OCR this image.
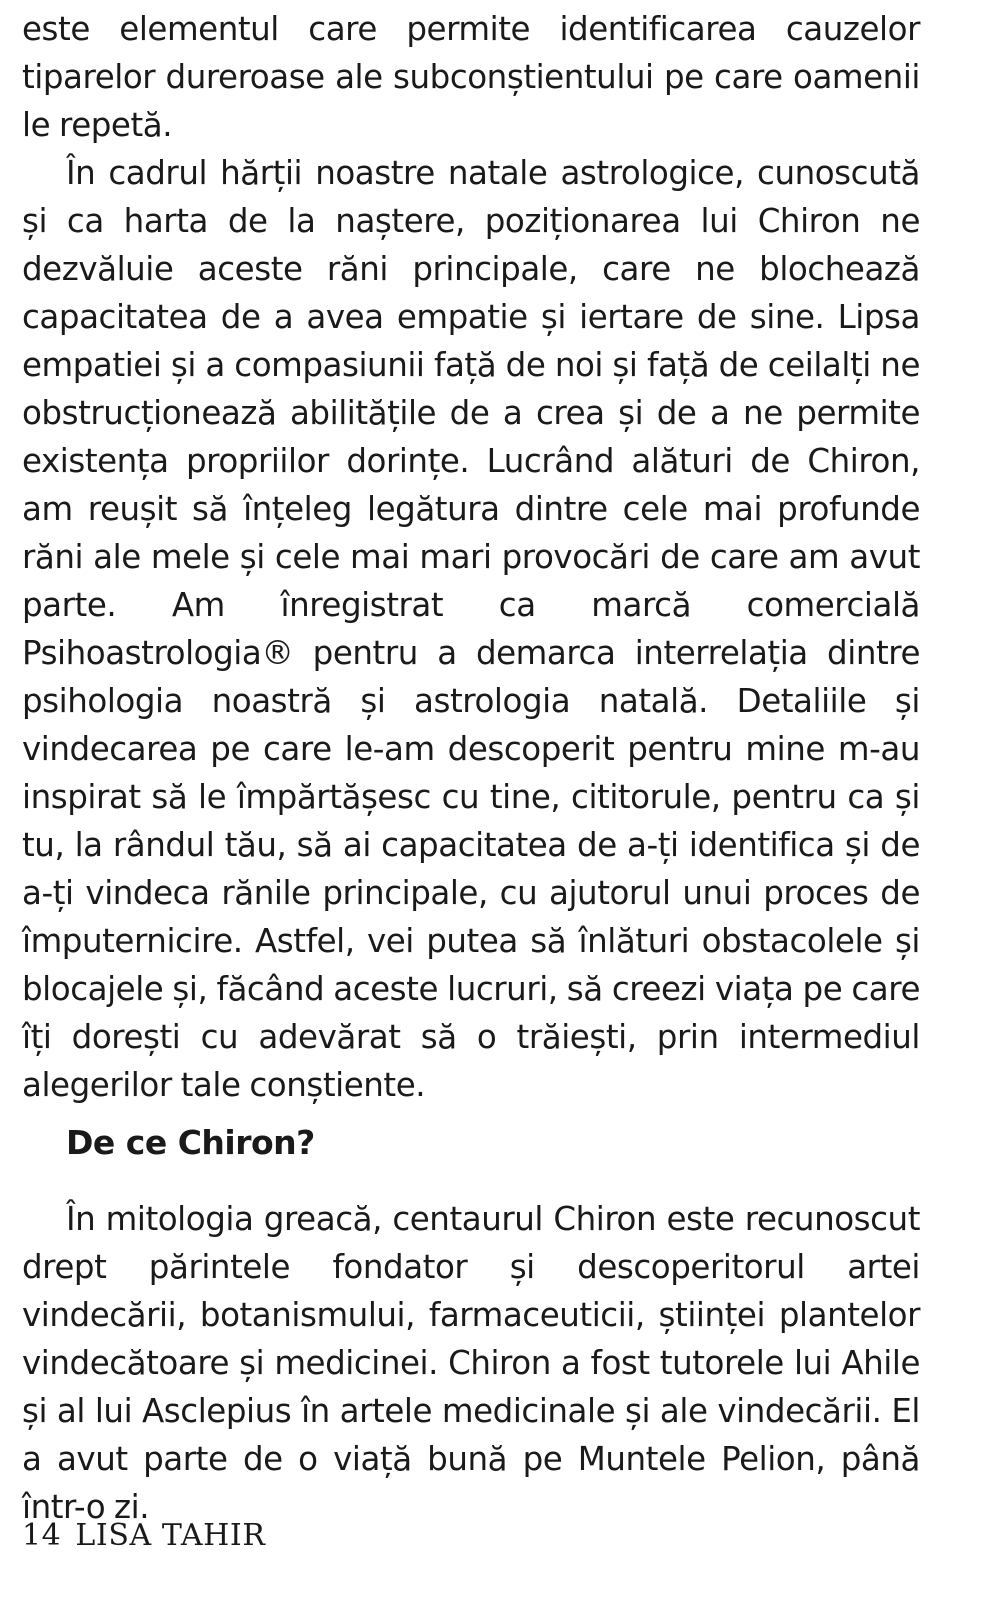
este elementul care permite identificarea cauzelor tiparelor dureroase ale subconștientului pe care oamenii le repetă.

În cadrul hărții noastre natale astrologice, cunoscută și ca harta de la naștere, poziționarea lui Chiron ne dezvăluie aceste răni principale, care ne blochează capacitatea de a avea empatie și iertare de sine. Lipsa empatiei și a compasiunii față de noi și față de ceilalți ne obstrucționează abilitățile de a crea și de a ne permite existența propriilor dorințe. Lucrând alături de Chiron, am reușit să înțeleg legătura dintre cele mai profunde răni ale mele și cele mai mari provocări de care am avut parte. Am înregistrat ca marcă comercială Psihoastrologia® pentru a demarca interrelația dintre psihologia noastră și astrologia natală. Detaliile și vindecarea pe care le-am descoperit pentru mine m-au inspirat să le împărtășesc cu tine, cititorule, pentru ca și tu, la rândul tău, să ai capacitatea de a-ți identifica și de a-ți vindeca rănile principale, cu ajutorul unui proces de împuternicire. Astfel, vei putea să înlături obstacolele și blocajele și, făcând aceste lucruri, să creezi viața pe care îți dorești cu adevărat să o trăiești, prin intermediul alegerilor tale conștiente.

De ce Chiron?

În mitologia greacă, centaurul Chiron este recunoscut drept părintele fondator și descoperitorul artei vindecării, botanismului, farmaceuticii, științei plantelor vindecătoare și medicinei. Chiron a fost tutorele lui Ahile și al lui Asclepius în artele medicinale și ale vindecării. El a avut parte de o viață bună pe Muntele Pelion, până într-o zi.

14 LISA TAHIR
